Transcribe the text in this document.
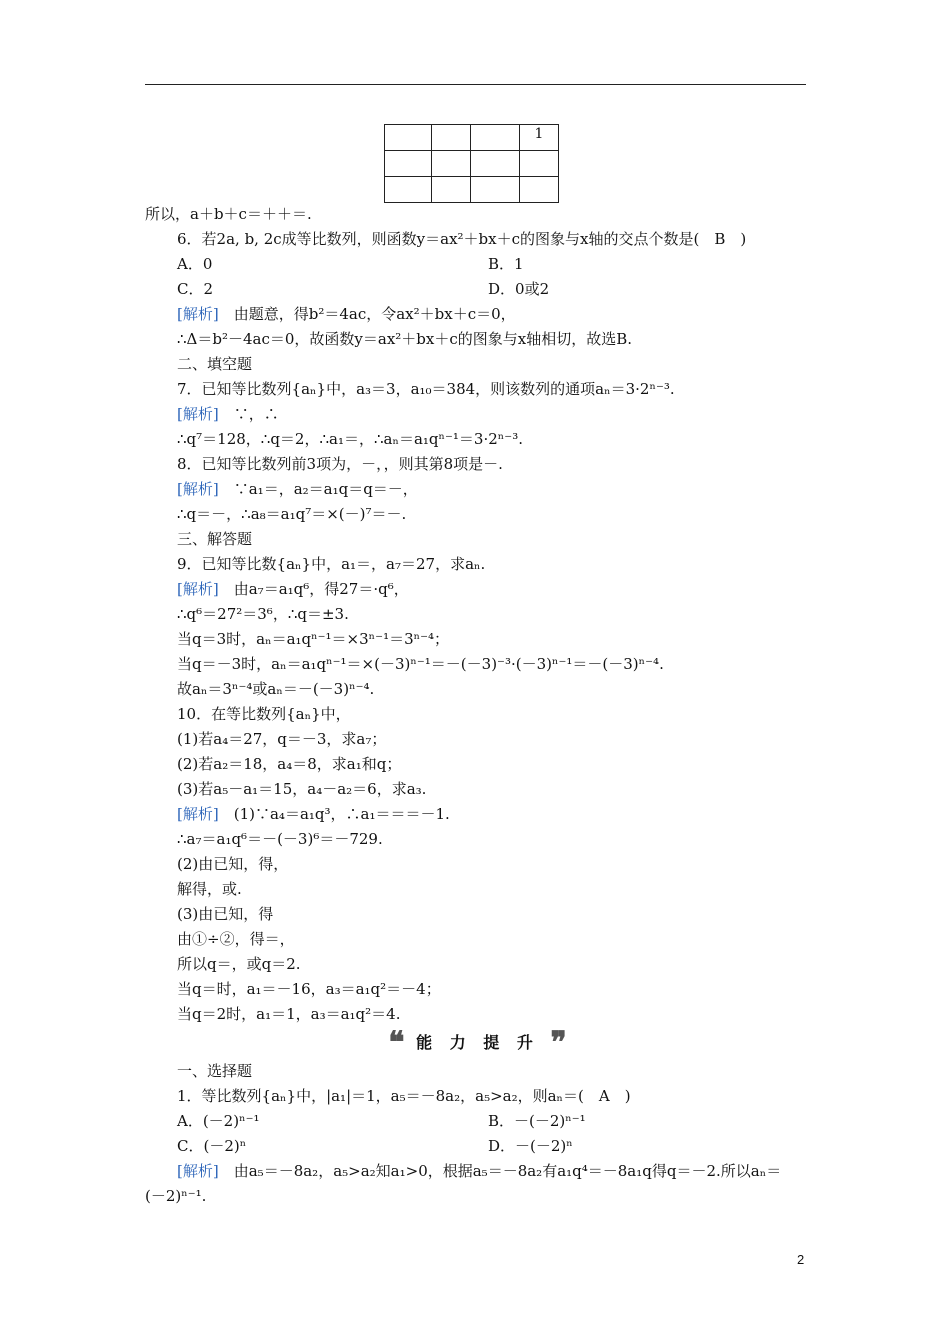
			1

所以，a＋b＋c＝＋＋＝.
6．若2a, b, 2c成等比数列，则函数y＝ax²＋bx＋c的图象与x轴的交点个数是(　B　)
A．0	B．1
C．2	D．0或2
[解析]　 由题意，得b²＝4ac，令ax²＋bx＋c＝0，
∴Δ＝b²－4ac＝0，故函数y＝ax²＋bx＋c的图象与x轴相切，故选B.
二、填空题
7．已知等比数列{aₙ}中，a₃＝3，a₁₀＝384，则该数列的通项aₙ＝3·2ⁿ⁻³.
[解析]　 ∵，∴
∴q⁷＝128，∴q＝2，∴a₁＝，∴aₙ＝a₁qⁿ⁻¹＝3·2ⁿ⁻³.
8．已知等比数列前3项为，－，，则其第8项是－.
[解析]　 ∵a₁＝，a₂＝a₁q＝q＝－，
∴q＝－，∴a₈＝a₁q⁷＝×(－)⁷＝－.
三、解答题
9．已知等比数{aₙ}中，a₁＝，a₇＝27，求aₙ.
[解析]　 由a₇＝a₁q⁶，得27＝·q⁶，
∴q⁶＝27²＝3⁶，∴q＝±3.
当q＝3时，aₙ＝a₁qⁿ⁻¹＝×3ⁿ⁻¹＝3ⁿ⁻⁴；
当q＝－3时，aₙ＝a₁qⁿ⁻¹＝×(－3)ⁿ⁻¹＝－(－3)⁻³·(－3)ⁿ⁻¹＝－(－3)ⁿ⁻⁴.
故aₙ＝3ⁿ⁻⁴或aₙ＝－(－3)ⁿ⁻⁴.
10．在等比数列{aₙ}中，
(1)若a₄＝27，q＝－3，求a₇；
(2)若a₂＝18，a₄＝8，求a₁和q；
(3)若a₅－a₁＝15，a₄－a₂＝6，求a₃.
[解析]　 (1)∵a₄＝a₁q³，∴a₁＝＝＝－1.
∴a₇＝a₁q⁶＝－(－3)⁶＝－729.
(2)由已知，得，
解得，或.
(3)由已知，得
由①÷②，得＝，
所以q＝，或q＝2.
当q＝时，a₁＝－16，a₃＝a₁q²＝－4；
当q＝2时，a₁＝1，a₃＝a₁q²＝4.
❝ 能 力 提 升 ❞
一、选择题
1．等比数列{aₙ}中，|a₁|＝1，a₅＝－8a₂，a₅>a₂，则aₙ＝(　A　)
A．(－2)ⁿ⁻¹	B．－(－2)ⁿ⁻¹
C．(－2)ⁿ	D．－(－2)ⁿ
[解析]　 由a₅＝－8a₂，a₅>a₂知a₁>0，根据a₅＝－8a₂有a₁q⁴＝－8a₁q得q＝－2.所以aₙ＝
(－2)ⁿ⁻¹.
2
